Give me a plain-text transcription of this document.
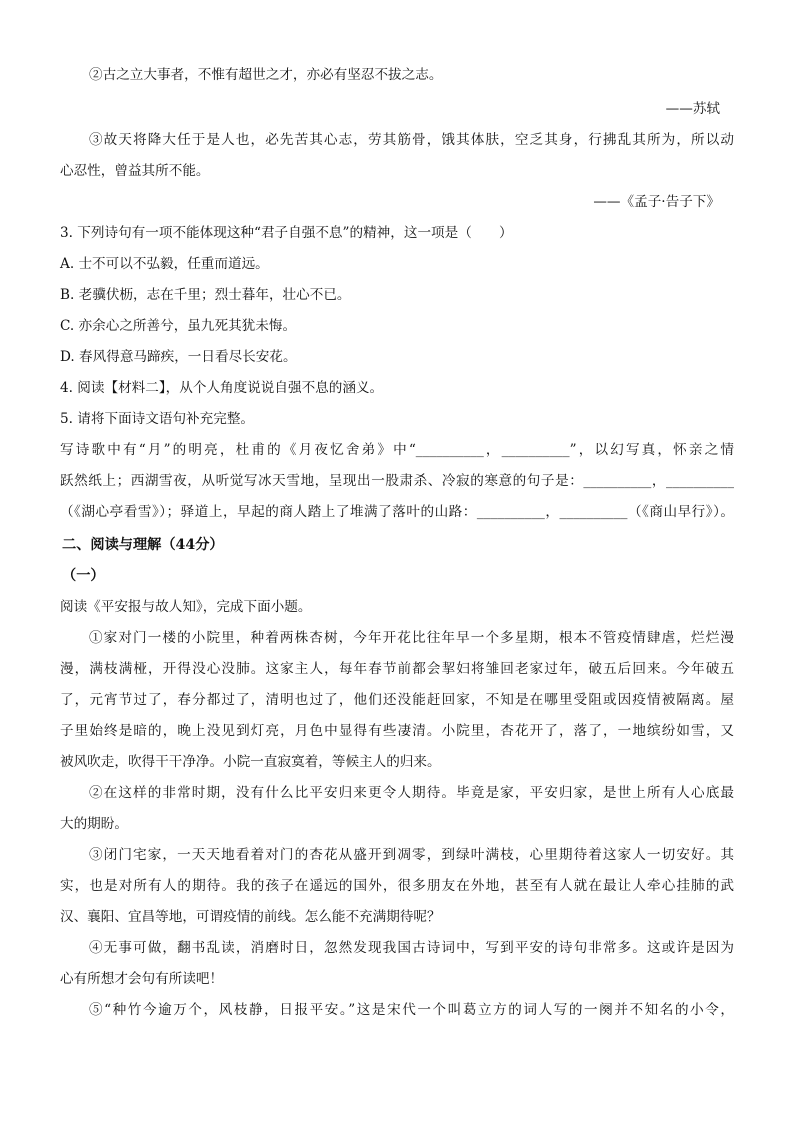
②古之立大事者，不惟有超世之才，亦必有坚忍不拔之志。
——苏轼
③故天将降大任于是人也，必先苦其心志，劳其筋骨，饿其体肤，空乏其身，行拂乱其所为，所以动
心忍性，曾益其所不能。
——《孟子·告子下》
3. 下列诗句有一项不能体现这种“君子自强不息”的精神，这一项是（　　）
A. 士不可以不弘毅，任重而道远。
B. 老骥伏枥，志在千里；烈士暮年，壮心不已。
C. 亦余心之所善兮，虽九死其犹未悔。
D. 春风得意马蹄疾，一日看尽长安花。
4. 阅读【材料二】，从个人角度说说自强不息的涵义。
5. 请将下面诗文语句补充完整。
写诗歌中有“月”的明亮，杜甫的《月夜忆舍弟》中“__________，__________”，以幻写真，怀亲之情
跃然纸上；西湖雪夜，从听觉写冰天雪地，呈现出一股肃杀、冷寂的寒意的句子是：__________，__________
（《湖心亭看雪》）；驿道上，早起的商人踏上了堆满了落叶的山路：__________，__________（《商山早行》）。
二、阅读与理解（44分）
（一）
阅读《平安报与故人知》，完成下面小题。
①家对门一楼的小院里，种着两株杏树，今年开花比往年早一个多星期，根本不管疫情肆虐，烂烂漫
漫，满枝满桠，开得没心没肺。这家主人，每年春节前都会挈妇将雏回老家过年，破五后回来。今年破五
了，元宵节过了，春分都过了，清明也过了，他们还没能赶回家，不知是在哪里受阻或因疫情被隔离。屋
子里始终是暗的，晚上没见到灯亮，月色中显得有些凄清。小院里，杏花开了，落了，一地缤纷如雪，又
被风吹走，吹得干干净净。小院一直寂寞着，等候主人的归来。
②在这样的非常时期，没有什么比平安归来更令人期待。毕竟是家，平安归家，是世上所有人心底最
大的期盼。
③闭门宅家，一天天地看着对门的杏花从盛开到凋零，到绿叶满枝，心里期待着这家人一切安好。其
实，也是对所有人的期待。我的孩子在遥远的国外，很多朋友在外地，甚至有人就在最让人牵心挂肺的武
汉、襄阳、宜昌等地，可谓疫情的前线。怎么能不充满期待呢？
④无事可做，翻书乱读，消磨时日，忽然发现我国古诗词中，写到平安的诗句非常多。这或许是因为
心有所想才会句有所读吧！
⑤“种竹今逾万个，风枝静，日报平安。”这是宋代一个叫葛立方的词人写的一阕并不知名的小令，
